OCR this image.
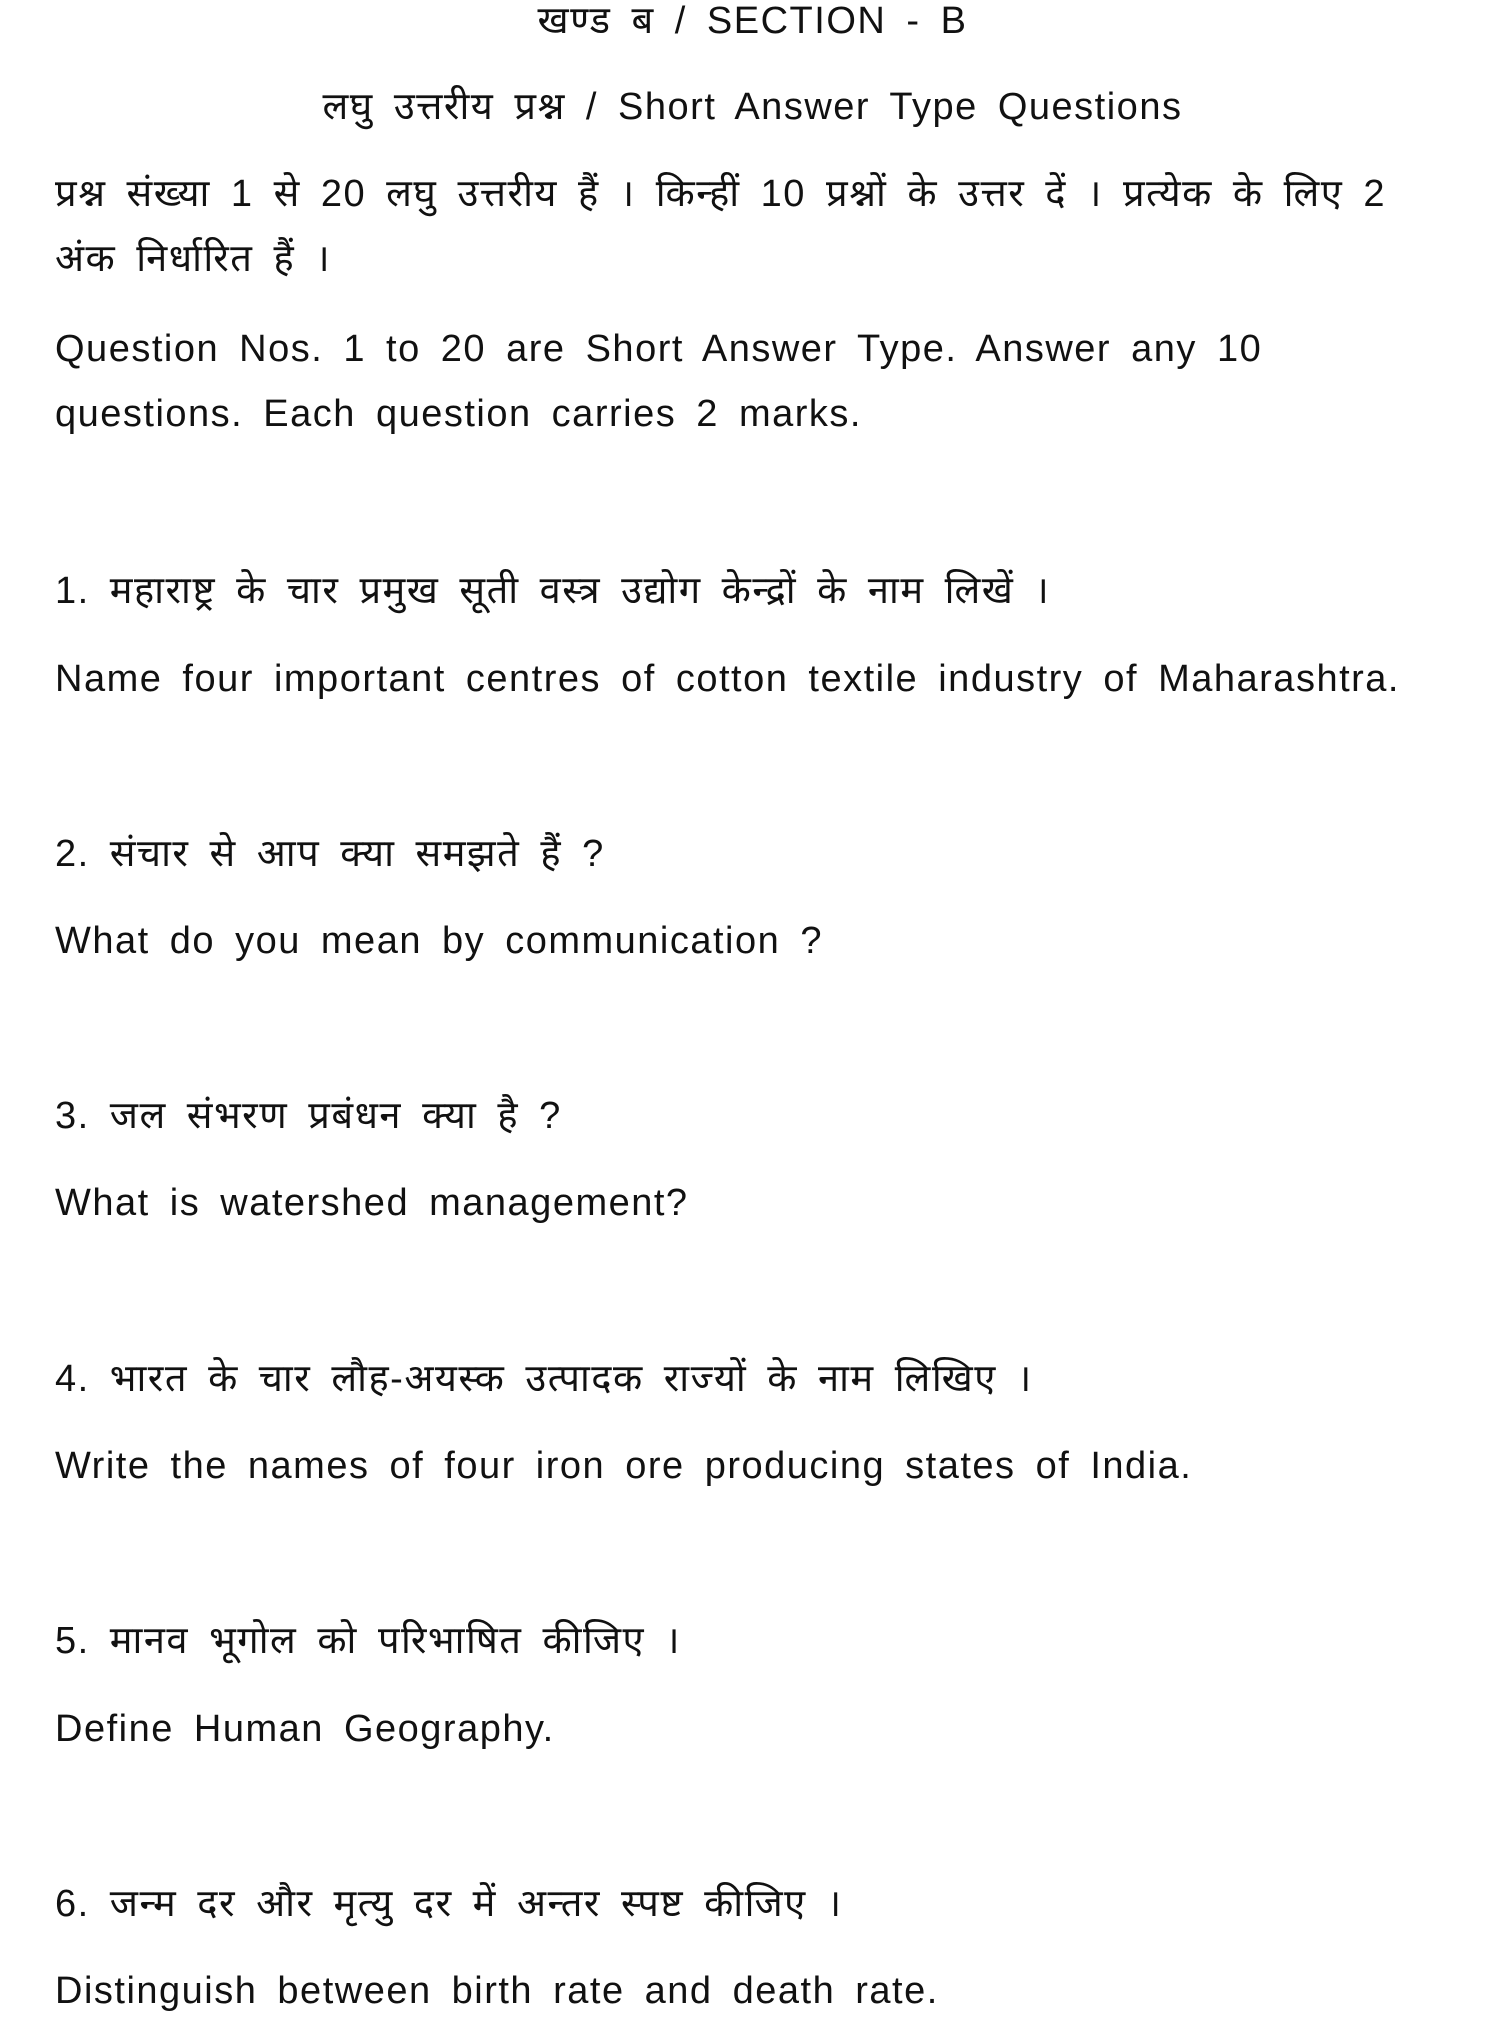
खण्ड ब / SECTION - B
लघु उत्तरीय प्रश्न / Short Answer Type Questions
प्रश्न संख्या 1 से 20 लघु उत्तरीय हैं । किन्हीं 10 प्रश्नों के उत्तर दें । प्रत्येक के लिए 2
अंक निर्धारित हैं ।
Question Nos. 1 to 20 are Short Answer Type. Answer any 10
questions. Each question carries 2 marks.
1. महाराष्ट्र के चार प्रमुख सूती वस्त्र उद्योग केन्द्रों के नाम लिखें ।
Name four important centres of cotton textile industry of Maharashtra.
2. संचार से आप क्या समझते हैं ?
What do you mean by communication ?
3. जल संभरण प्रबंधन क्या है ?
What is watershed management?
4. भारत के चार लौह-अयस्क उत्पादक राज्यों के नाम लिखिए ।
Write the names of four iron ore producing states of India.
5. मानव भूगोल को परिभाषित कीजिए ।
Define Human Geography.
6. जन्म दर और मृत्यु दर में अन्तर स्पष्ट कीजिए ।
Distinguish between birth rate and death rate.
